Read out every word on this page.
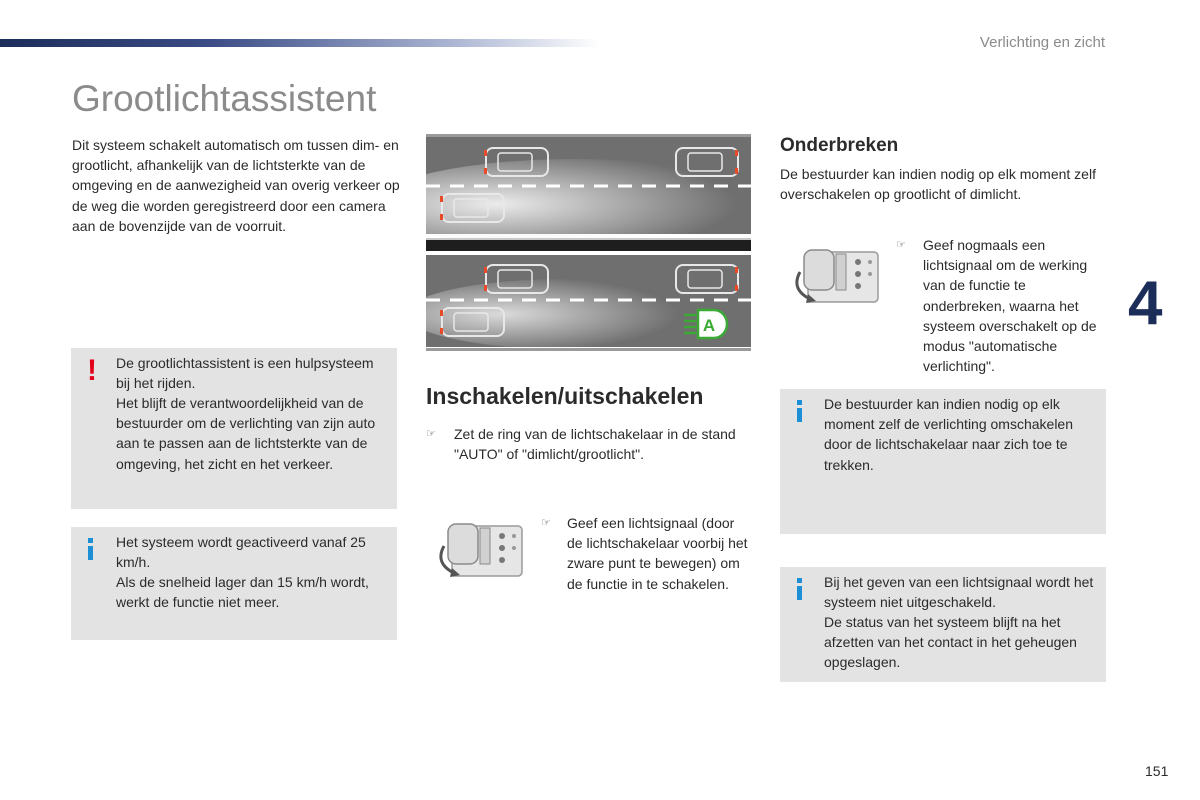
Verlichting en zicht
Grootlichtassistent

Dit systeem schakelt automatisch om tussen dim- en grootlicht, afhankelijk van de lichtsterkte van de omgeving en de aanwezigheid van overig verkeer op de weg die worden geregistreerd door een camera aan de bovenzijde van de voorruit.

! De grootlichtassistent is een hulpsysteem bij het rijden.

Het blijft de verantwoordelijkheid van de bestuurder om de verlichting van zijn auto aan te passen aan de lichtsterkte van de omgeving, het zicht en het verkeer.

Het systeem wordt geactiveerd vanaf 25 km/h.

Als de snelheid lager dan 15 km/h wordt, werkt de functie niet meer.

A
Inschakelen/uitschakelen
☞ Zet de ring van de lichtschakelaar in de stand "AUTO" of "dimlicht/grootlicht".

☞ Geef een lichtsignaal (door de lichtschakelaar voorbij het zware punt te bewegen) om de functie in te schakelen.

Onderbreken

De bestuurder kan indien nodig op elk moment zelf overschakelen op grootlicht of dimlicht.

☞ Geef nogmaals een lichtsignaal om de werking van de functie te onderbreken, waarna het systeem overschakelt op de modus "automatische verlichting".

De bestuurder kan indien nodig op elk moment zelf de verlichting omschakelen door de lichtschakelaar naar zich toe te trekken.

Bij het geven van een lichtsignaal wordt het systeem niet uitgeschakeld.

De status van het systeem blijft na het afzetten van het contact in het geheugen opgeslagen.

4
151
